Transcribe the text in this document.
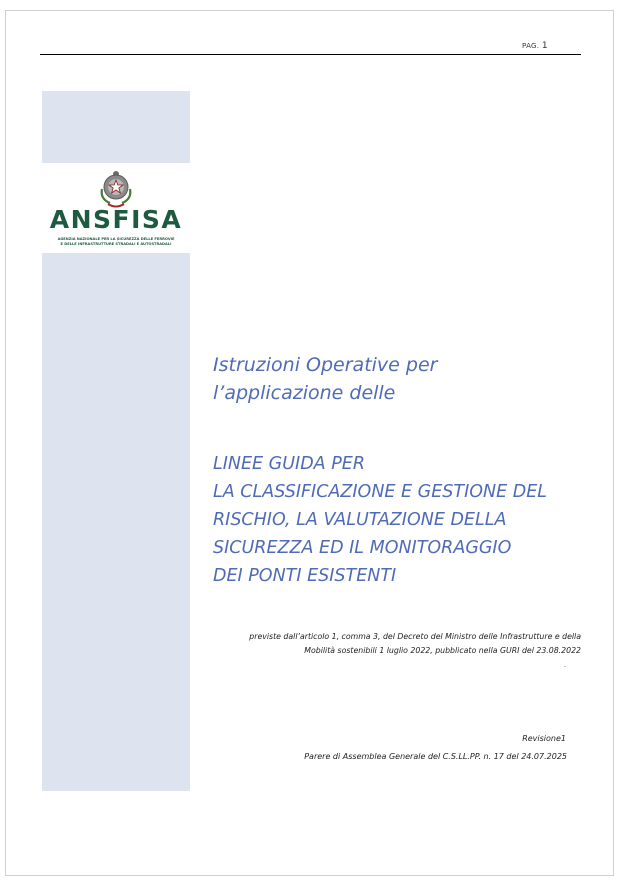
PAG. 1
ANSFISA
AGENZIA NAZIONALE PER LA SICUREZZA DELLE FERROVIE
E DELLE INFRASTRUTTURE STRADALI E AUTOSTRADALI
Istruzioni Operative per
l’applicazione delle
LINEE GUIDA PER
LA CLASSIFICAZIONE E GESTIONE DEL
RISCHIO, LA VALUTAZIONE DELLA
SICUREZZA ED IL MONITORAGGIO
DEI PONTI ESISTENTI
previste dall’articolo 1, comma 3, del Decreto del Ministro delle Infrastrutture e della
Mobilità sostenibili 1 luglio 2022, pubblicato nella GURI del 23.08.2022
.
Revisione1
Parere di Assemblea Generale del C.S.LL.PP. n. 17 del 24.07.2025
